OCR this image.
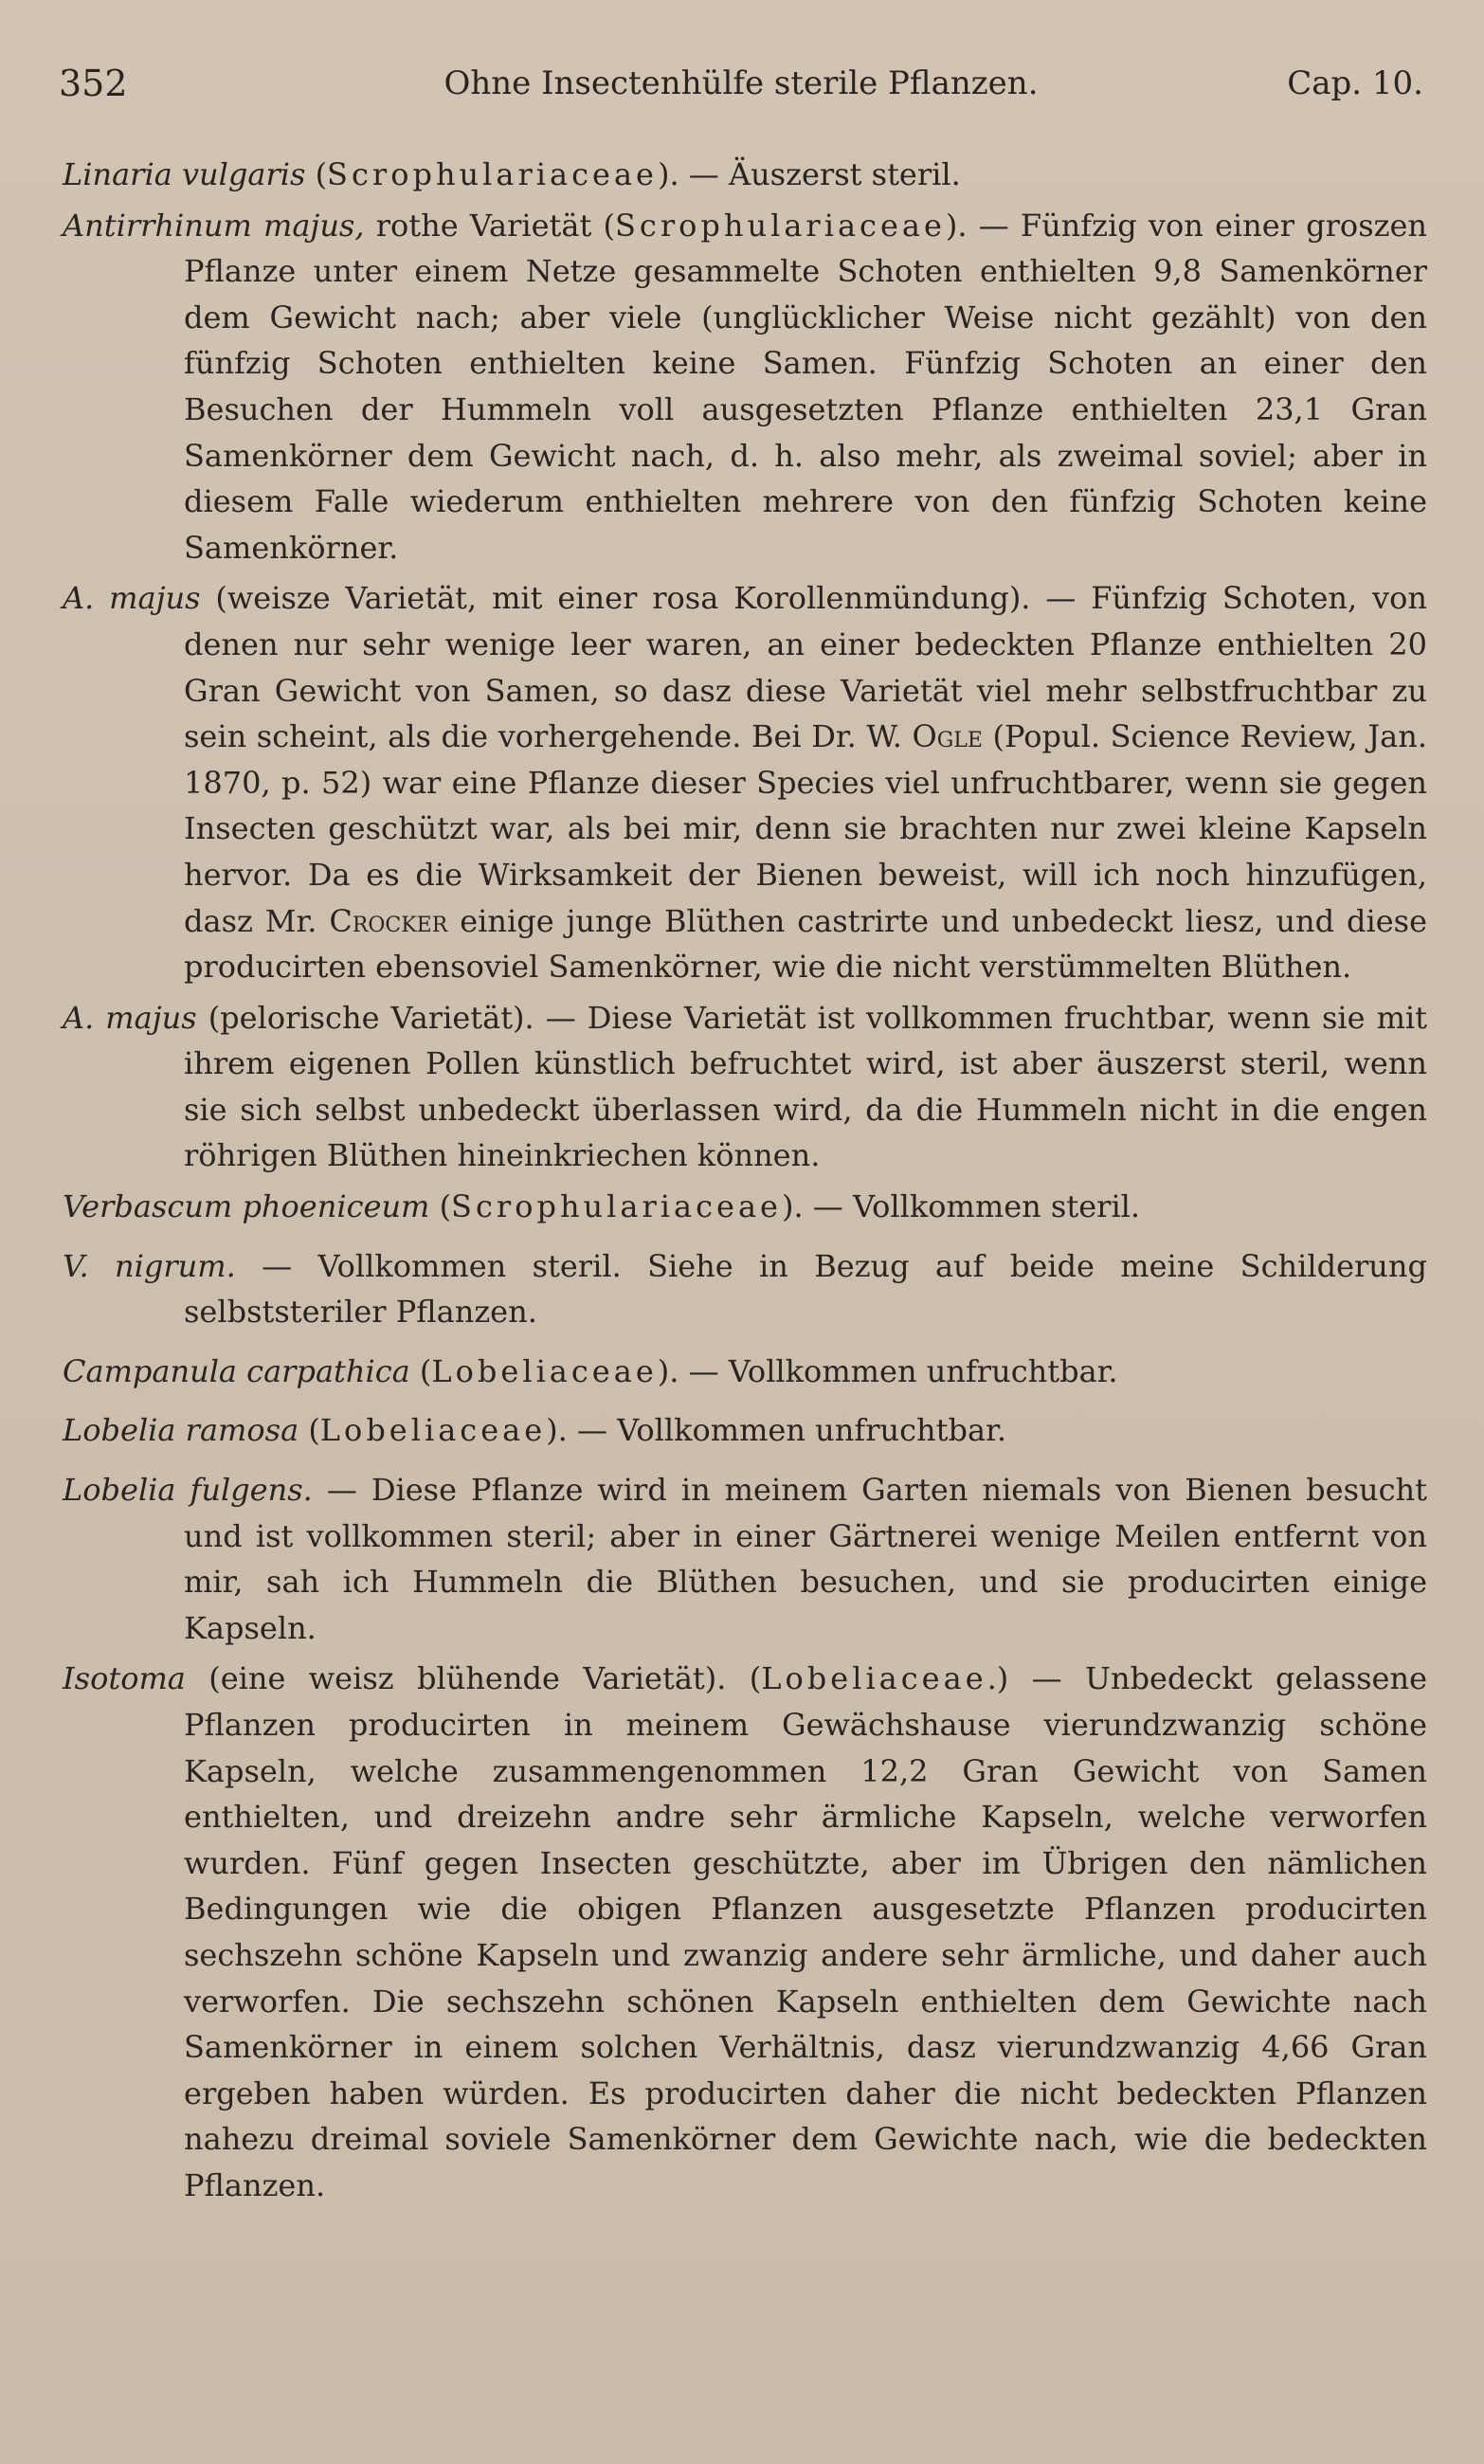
352	Ohne Insectenhülfe sterile Pflanzen.	Cap. 10.

Linaria vulgaris (Scrophulariaceae). — Äuszerst steril.

Antirrhinum majus, rothe Varietät (Scrophulariaceae). — Fünfzig von einer groszen Pflanze unter einem Netze gesammelte Schoten enthielten 9,8 Samenkörner dem Gewicht nach; aber viele (unglücklicher Weise nicht gezählt) von den fünfzig Schoten enthielten keine Samen. Fünfzig Schoten an einer den Besuchen der Hummeln voll ausgesetzten Pflanze enthielten 23,1 Gran Samenkörner dem Gewicht nach, d. h. also mehr, als zweimal soviel; aber in diesem Falle wiederum enthielten mehrere von den fünfzig Schoten keine Samenkörner.

A. majus (weisze Varietät, mit einer rosa Korollenmündung). — Fünfzig Schoten, von denen nur sehr wenige leer waren, an einer bedeckten Pflanze enthielten 20 Gran Gewicht von Samen, so dasz diese Varietät viel mehr selbstfruchtbar zu sein scheint, als die vorhergehende. Bei Dr. W. Ogle (Popul. Science Review, Jan. 1870, p. 52) war eine Pflanze dieser Species viel unfruchtbarer, wenn sie gegen Insecten geschützt war, als bei mir, denn sie brachten nur zwei kleine Kapseln hervor. Da es die Wirksamkeit der Bienen beweist, will ich noch hinzufügen, dasz Mr. Crocker einige junge Blüthen castrirte und unbedeckt liesz, und diese producirten ebensoviel Samenkörner, wie die nicht verstümmelten Blüthen.

A. majus (pelorische Varietät). — Diese Varietät ist vollkommen fruchtbar, wenn sie mit ihrem eigenen Pollen künstlich befruchtet wird, ist aber äuszerst steril, wenn sie sich selbst unbedeckt überlassen wird, da die Hummeln nicht in die engen röhrigen Blüthen hineinkriechen können.

Verbascum phoeniceum (Scrophulariaceae). — Vollkommen steril.

V. nigrum. — Vollkommen steril. Siehe in Bezug auf beide meine Schilderung selbststeriler Pflanzen.

Campanula carpathica (Lobeliaceae). — Vollkommen unfruchtbar.

Lobelia ramosa (Lobeliaceae). — Vollkommen unfruchtbar.

Lobelia fulgens. — Diese Pflanze wird in meinem Garten niemals von Bienen besucht und ist vollkommen steril; aber in einer Gärtnerei wenige Meilen entfernt von mir, sah ich Hummeln die Blüthen besuchen, und sie producirten einige Kapseln.

Isotoma (eine weisz blühende Varietät). (Lobeliaceae.) — Unbedeckt gelassene Pflanzen producirten in meinem Gewächshause vierundzwanzig schöne Kapseln, welche zusammengenommen 12,2 Gran Gewicht von Samen enthielten, und dreizehn andre sehr ärmliche Kapseln, welche verworfen wurden. Fünf gegen Insecten geschützte, aber im Übrigen den nämlichen Bedingungen wie die obigen Pflanzen ausgesetzte Pflanzen producirten sechszehn schöne Kapseln und zwanzig andere sehr ärmliche, und daher auch verworfen. Die sechszehn schönen Kapseln enthielten dem Gewichte nach Samenkörner in einem solchen Verhältnis, dasz vierundzwanzig 4,66 Gran ergeben haben würden. Es producirten daher die nicht bedeckten Pflanzen nahezu dreimal soviele Samenkörner dem Gewichte nach, wie die bedeckten Pflanzen.
